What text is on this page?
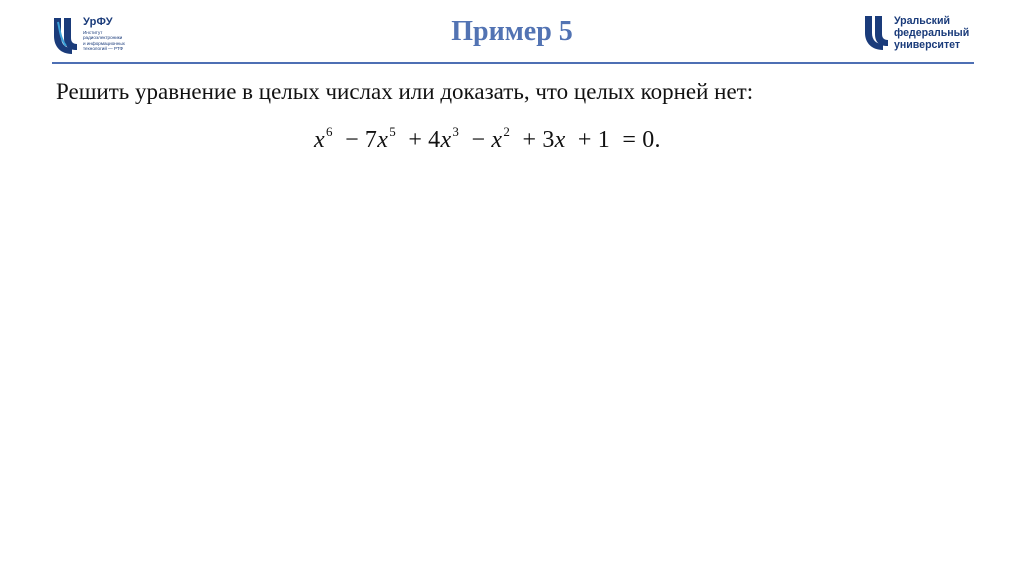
УрФУ
Институт
радиоэлектроники
и информационных
технологий — РТФ
Пример 5	Уральский
федеральный
университет
Решить уравнение в целых числах или доказать, что целых корней нет:
$x^6 - 7x^5 + 4x^3 - x^2 + 3x + 1 = 0$.
